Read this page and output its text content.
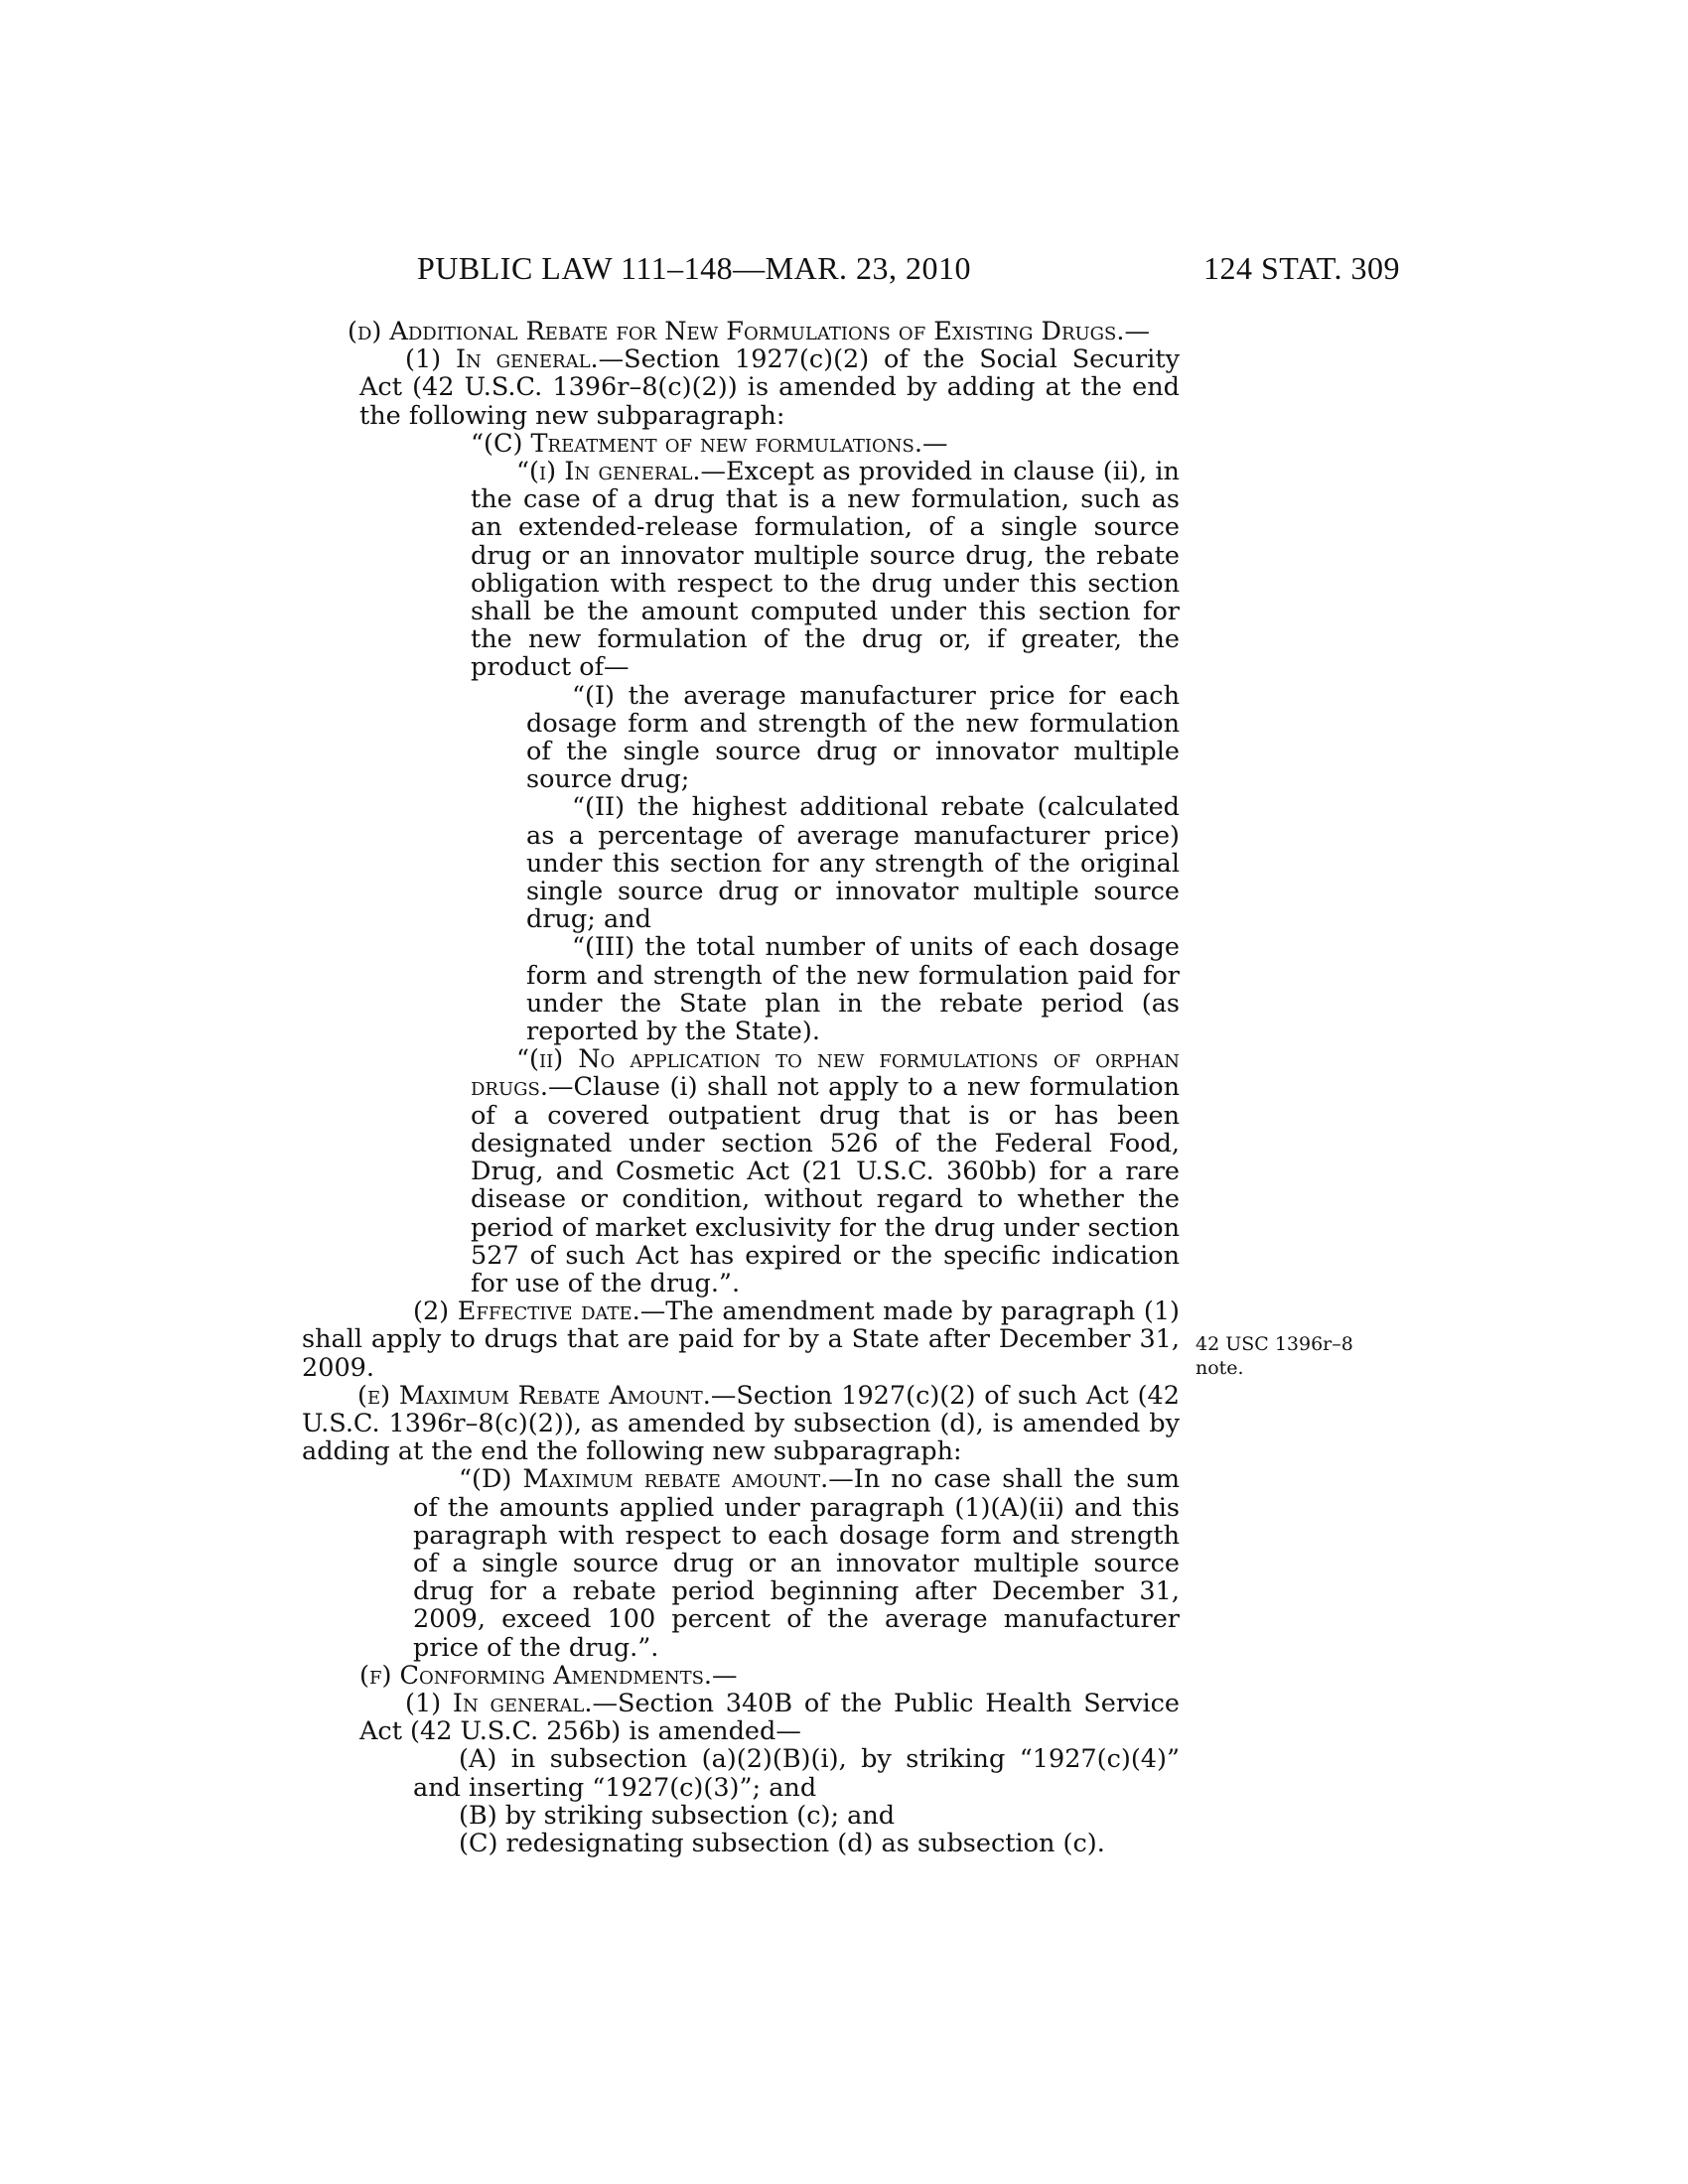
PUBLIC LAW 111–148—MAR. 23, 2010	124 STAT. 309

(d) Additional Rebate for New Formulations of Existing Drugs.—

(1) In general.—Section 1927(c)(2) of the Social Security Act (42 U.S.C. 1396r–8(c)(2)) is amended by adding at the end the following new subparagraph:

“(C) Treatment of new formulations.—

“(i) In general.—Except as provided in clause (ii), in the case of a drug that is a new formulation, such as an extended-release formulation, of a single source drug or an innovator multiple source drug, the rebate obligation with respect to the drug under this section shall be the amount computed under this section for the new formulation of the drug or, if greater, the product of—

“(I) the average manufacturer price for each dosage form and strength of the new formulation of the single source drug or innovator multiple source drug;

“(II) the highest additional rebate (calculated as a percentage of average manufacturer price) under this section for any strength of the original single source drug or innovator multiple source drug; and

“(III) the total number of units of each dosage form and strength of the new formulation paid for under the State plan in the rebate period (as reported by the State).

“(ii) No application to new formulations of orphan drugs.—Clause (i) shall not apply to a new formulation of a covered outpatient drug that is or has been designated under section 526 of the Federal Food, Drug, and Cosmetic Act (21 U.S.C. 360bb) for a rare disease or condition, without regard to whether the period of market exclusivity for the drug under section 527 of such Act has expired or the specific indication for use of the drug.”.

(2) Effective date.—The amendment made by paragraph (1) shall apply to drugs that are paid for by a State after December 31, 2009.

(e) Maximum Rebate Amount.—Section 1927(c)(2) of such Act (42 U.S.C. 1396r–8(c)(2)), as amended by subsection (d), is amended by adding at the end the following new subparagraph:

“(D) Maximum rebate amount.—In no case shall the sum of the amounts applied under paragraph (1)(A)(ii) and this paragraph with respect to each dosage form and strength of a single source drug or an innovator multiple source drug for a rebate period beginning after December 31, 2009, exceed 100 percent of the average manufacturer price of the drug.”.

(f) Conforming Amendments.—

(1) In general.—Section 340B of the Public Health Service Act (42 U.S.C. 256b) is amended—

(A) in subsection (a)(2)(B)(i), by striking “1927(c)(4)” and inserting “1927(c)(3)”; and

(B) by striking subsection (c); and

(C) redesignating subsection (d) as subsection (c).

42 USC 1396r–8
note.
